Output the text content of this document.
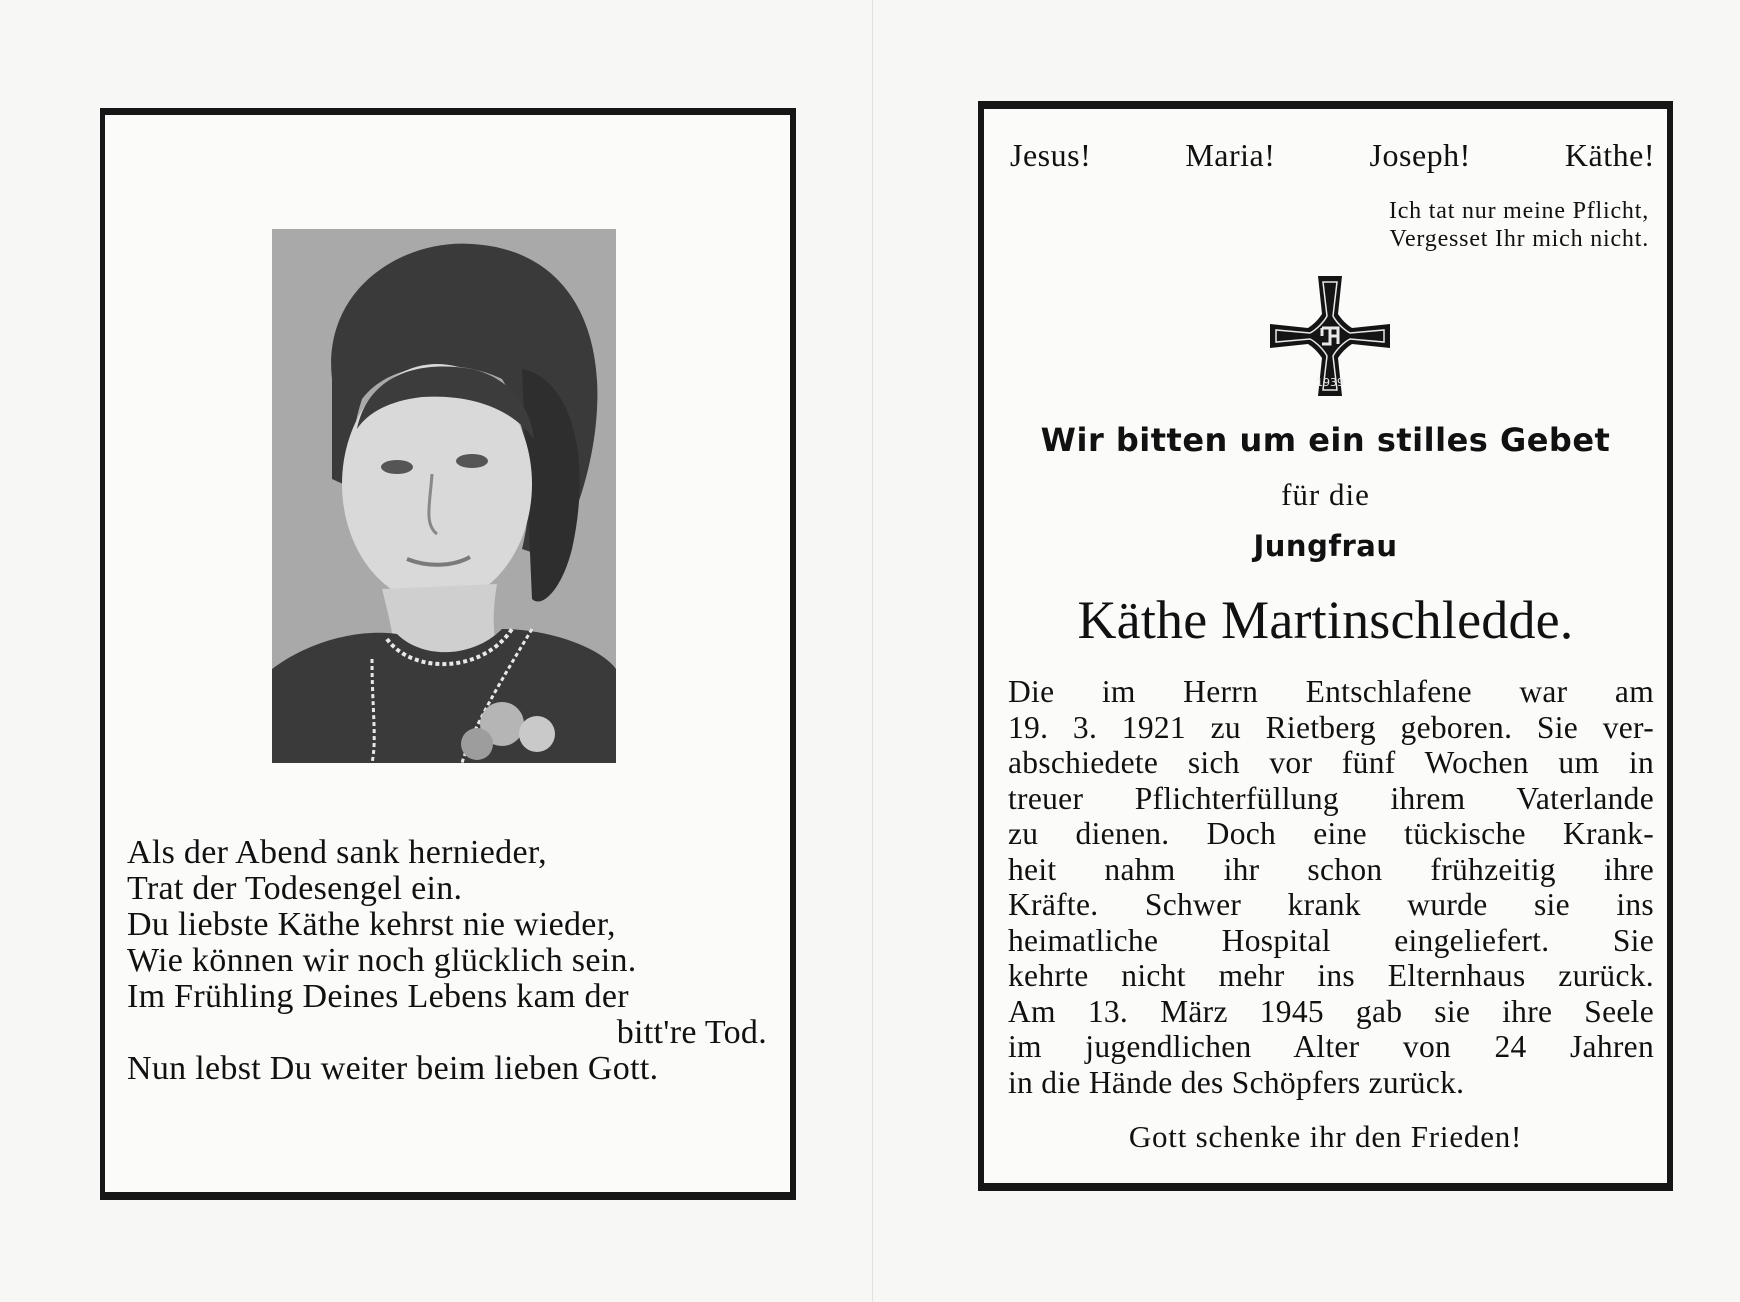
Als der Abend sank hernieder,
Trat der Todesengel ein.
Du liebste Käthe kehrst nie wieder,
Wie können wir noch glücklich sein.
Im Frühling Deines Lebens kam der
bitt're Tod.
Nun lebst Du weiter beim lieben Gott.
Jesus!	Maria!	Joseph!	Käthe!
Ich tat nur meine Pflicht,
Vergesset Ihr mich nicht.
1939
Wir bitten um ein stilles Gebet
für die
Jungfrau
Käthe Martinschledde.
Die im Herrn Entschlafene war am
19. 3. 1921 zu Rietberg geboren. Sie ver-
abschiedete sich vor fünf Wochen um in
treuer Pflichterfüllung ihrem Vaterlande
zu dienen. Doch eine tückische Krank-
heit nahm ihr schon frühzeitig ihre
Kräfte. Schwer krank wurde sie ins
heimatliche Hospital eingeliefert. Sie
kehrte nicht mehr ins Elternhaus zurück.
Am 13. März 1945 gab sie ihre Seele
im jugendlichen Alter von 24 Jahren
in die Hände des Schöpfers zurück.
Gott schenke ihr den Frieden!
